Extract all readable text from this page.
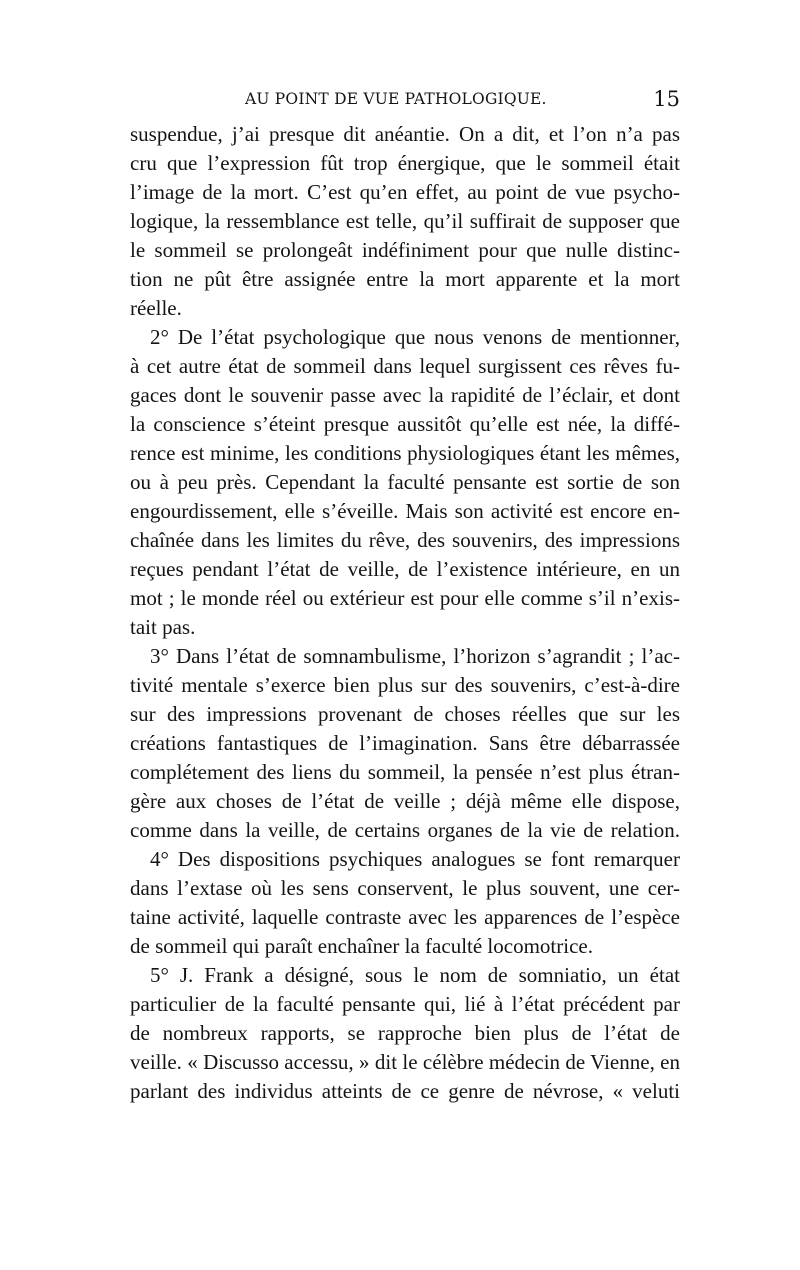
AU POINT DE VUE PATHOLOGIQUE.	15
suspendue, j’ai presque dit anéantie. On a dit, et l’on n’a pas
cru que l’expression fût trop énergique, que le sommeil était
l’image de la mort. C’est qu’en effet, au point de vue psycho-
logique, la ressemblance est telle, qu’il suffirait de supposer que
le sommeil se prolongeât indéfiniment pour que nulle distinc-
tion ne pût être assignée entre la mort apparente et la mort
réelle.
2° De l’état psychologique que nous venons de mentionner,
à cet autre état de sommeil dans lequel surgissent ces rêves fu-
gaces dont le souvenir passe avec la rapidité de l’éclair, et dont
la conscience s’éteint presque aussitôt qu’elle est née, la diffé-
rence est minime, les conditions physiologiques étant les mêmes,
ou à peu près. Cependant la faculté pensante est sortie de son
engourdissement, elle s’éveille. Mais son activité est encore en-
chaînée dans les limites du rêve, des souvenirs, des impressions
reçues pendant l’état de veille, de l’existence intérieure, en un
mot ; le monde réel ou extérieur est pour elle comme s’il n’exis-
tait pas.
3° Dans l’état de somnambulisme, l’horizon s’agrandit ; l’ac-
tivité mentale s’exerce bien plus sur des souvenirs, c’est-à-dire
sur des impressions provenant de choses réelles que sur les
créations fantastiques de l’imagination. Sans être débarrassée
complétement des liens du sommeil, la pensée n’est plus étran-
gère aux choses de l’état de veille ; déjà même elle dispose,
comme dans la veille, de certains organes de la vie de relation.
4° Des dispositions psychiques analogues se font remarquer
dans l’extase où les sens conservent, le plus souvent, une cer-
taine activité, laquelle contraste avec les apparences de l’espèce
de sommeil qui paraît enchaîner la faculté locomotrice.
5° J. Frank a désigné, sous le nom de somniatio, un état
particulier de la faculté pensante qui, lié à l’état précédent par
de nombreux rapports, se rapproche bien plus de l’état de
veille. « Discusso accessu, » dit le célèbre médecin de Vienne, en
parlant des individus atteints de ce genre de névrose, « veluti
